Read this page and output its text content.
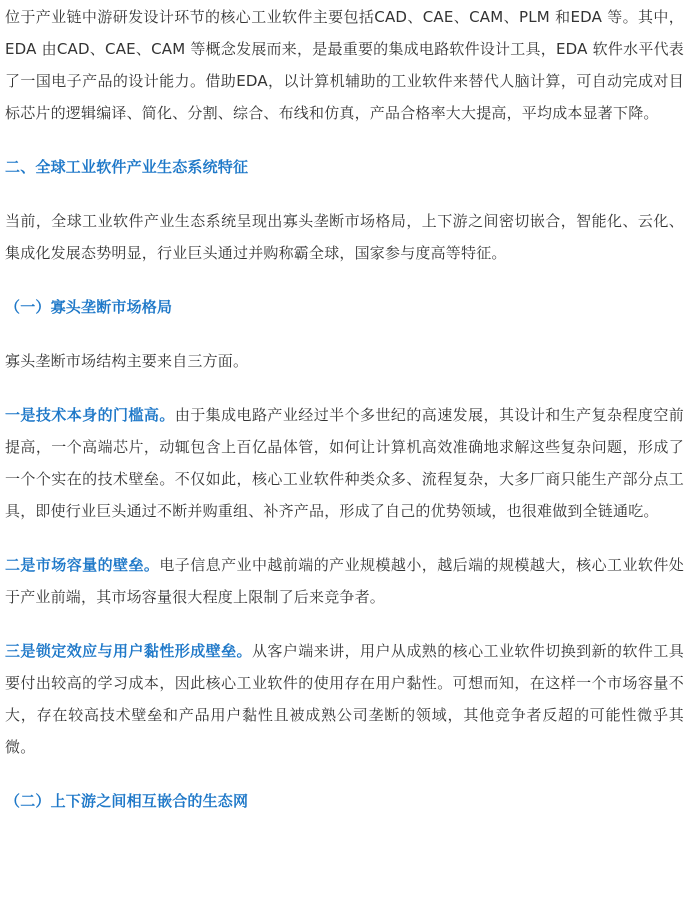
位于产业链中游研发设计环节的核心工业软件主要包括CAD、CAE、CAM、PLM 和EDA 等。其中，EDA 由CAD、CAE、CAM 等概念发展而来，是最重要的集成电路软件设计工具，EDA 软件水平代表了一国电子产品的设计能力。借助EDA，以计算机辅助的工业软件来替代人脑计算，可自动完成对目标芯片的逻辑编译、简化、分割、综合、布线和仿真，产品合格率大大提高，平均成本显著下降。

二、全球工业软件产业生态系统特征

当前，全球工业软件产业生态系统呈现出寡头垄断市场格局，上下游之间密切嵌合，智能化、云化、集成化发展态势明显，行业巨头通过并购称霸全球，国家参与度高等特征。

（一）寡头垄断市场格局

寡头垄断市场结构主要来自三方面。

一是技术本身的门槛高。由于集成电路产业经过半个多世纪的高速发展，其设计和生产复杂程度空前提高，一个高端芯片，动辄包含上百亿晶体管，如何让计算机高效准确地求解这些复杂问题，形成了一个个实在的技术壁垒。不仅如此，核心工业软件种类众多、流程复杂，大多厂商只能生产部分点工具，即使行业巨头通过不断并购重组、补齐产品，形成了自己的优势领域，也很难做到全链通吃。

二是市场容量的壁垒。电子信息产业中越前端的产业规模越小，越后端的规模越大，核心工业软件处于产业前端，其市场容量很大程度上限制了后来竞争者。

三是锁定效应与用户黏性形成壁垒。从客户端来讲，用户从成熟的核心工业软件切换到新的软件工具要付出较高的学习成本，因此核心工业软件的使用存在用户黏性。可想而知，在这样一个市场容量不大，存在较高技术壁垒和产品用户黏性且被成熟公司垄断的领域，其他竞争者反超的可能性微乎其微。

（二）上下游之间相互嵌合的生态网
